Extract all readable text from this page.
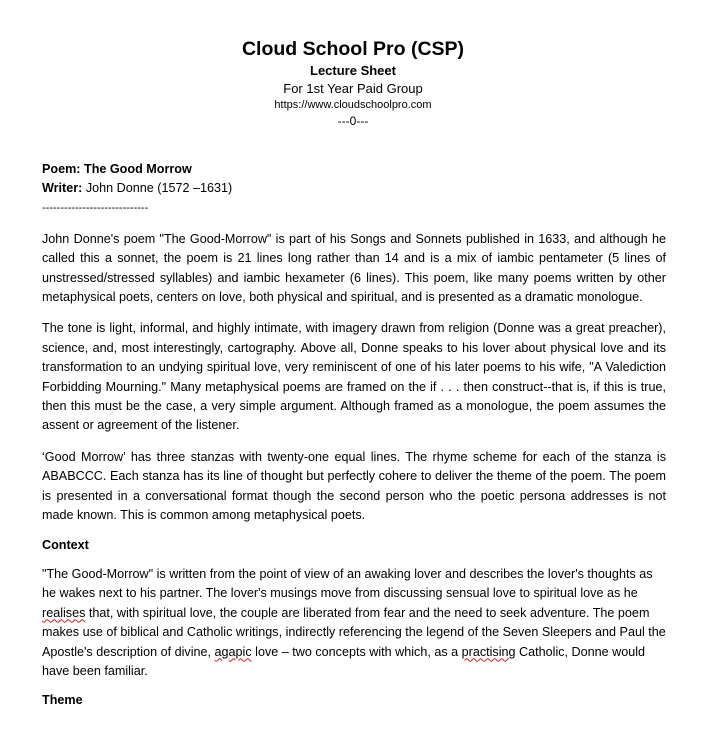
Cloud School Pro (CSP)
Lecture Sheet
For 1st Year Paid Group
https://www.cloudschoolpro.com
---0---

Poem: The Good Morrow

Writer: John Donne (1572 –1631)

-----------------------------

John Donne's poem "The Good-Morrow" is part of his Songs and Sonnets published in 1633, and although he called this a sonnet, the poem is 21 lines long rather than 14 and is a mix of iambic pentameter (5 lines of unstressed/stressed syllables) and iambic hexameter (6 lines). This poem, like many poems written by other metaphysical poets, centers on love, both physical and spiritual, and is presented as a dramatic monologue.

The tone is light, informal, and highly intimate, with imagery drawn from religion (Donne was a great preacher), science, and, most interestingly, cartography. Above all, Donne speaks to his lover about physical love and its transformation to an undying spiritual love, very reminiscent of one of his later poems to his wife, "A Valediction Forbidding Mourning." Many metaphysical poems are framed on the if . . . then construct--that is, if this is true, then this must be the case, a very simple argument. Although framed as a monologue, the poem assumes the assent or agreement of the listener.

‘Good Morrow’ has three stanzas with twenty-one equal lines. The rhyme scheme for each of the stanza is ABABCCC. Each stanza has its line of thought but perfectly cohere to deliver the theme of the poem. The poem is presented in a conversational format though the second person who the poetic persona addresses is not made known. This is common among metaphysical poets.

Context

"The Good-Morrow" is written from the point of view of an awaking lover and describes the lover's thoughts as he wakes next to his partner. The lover's musings move from discussing sensual love to spiritual love as he realises that, with spiritual love, the couple are liberated from fear and the need to seek adventure. The poem makes use of biblical and Catholic writings, indirectly referencing the legend of the Seven Sleepers and Paul the Apostle's description of divine, agapic love – two concepts with which, as a practising Catholic, Donne would have been familiar.

Theme
